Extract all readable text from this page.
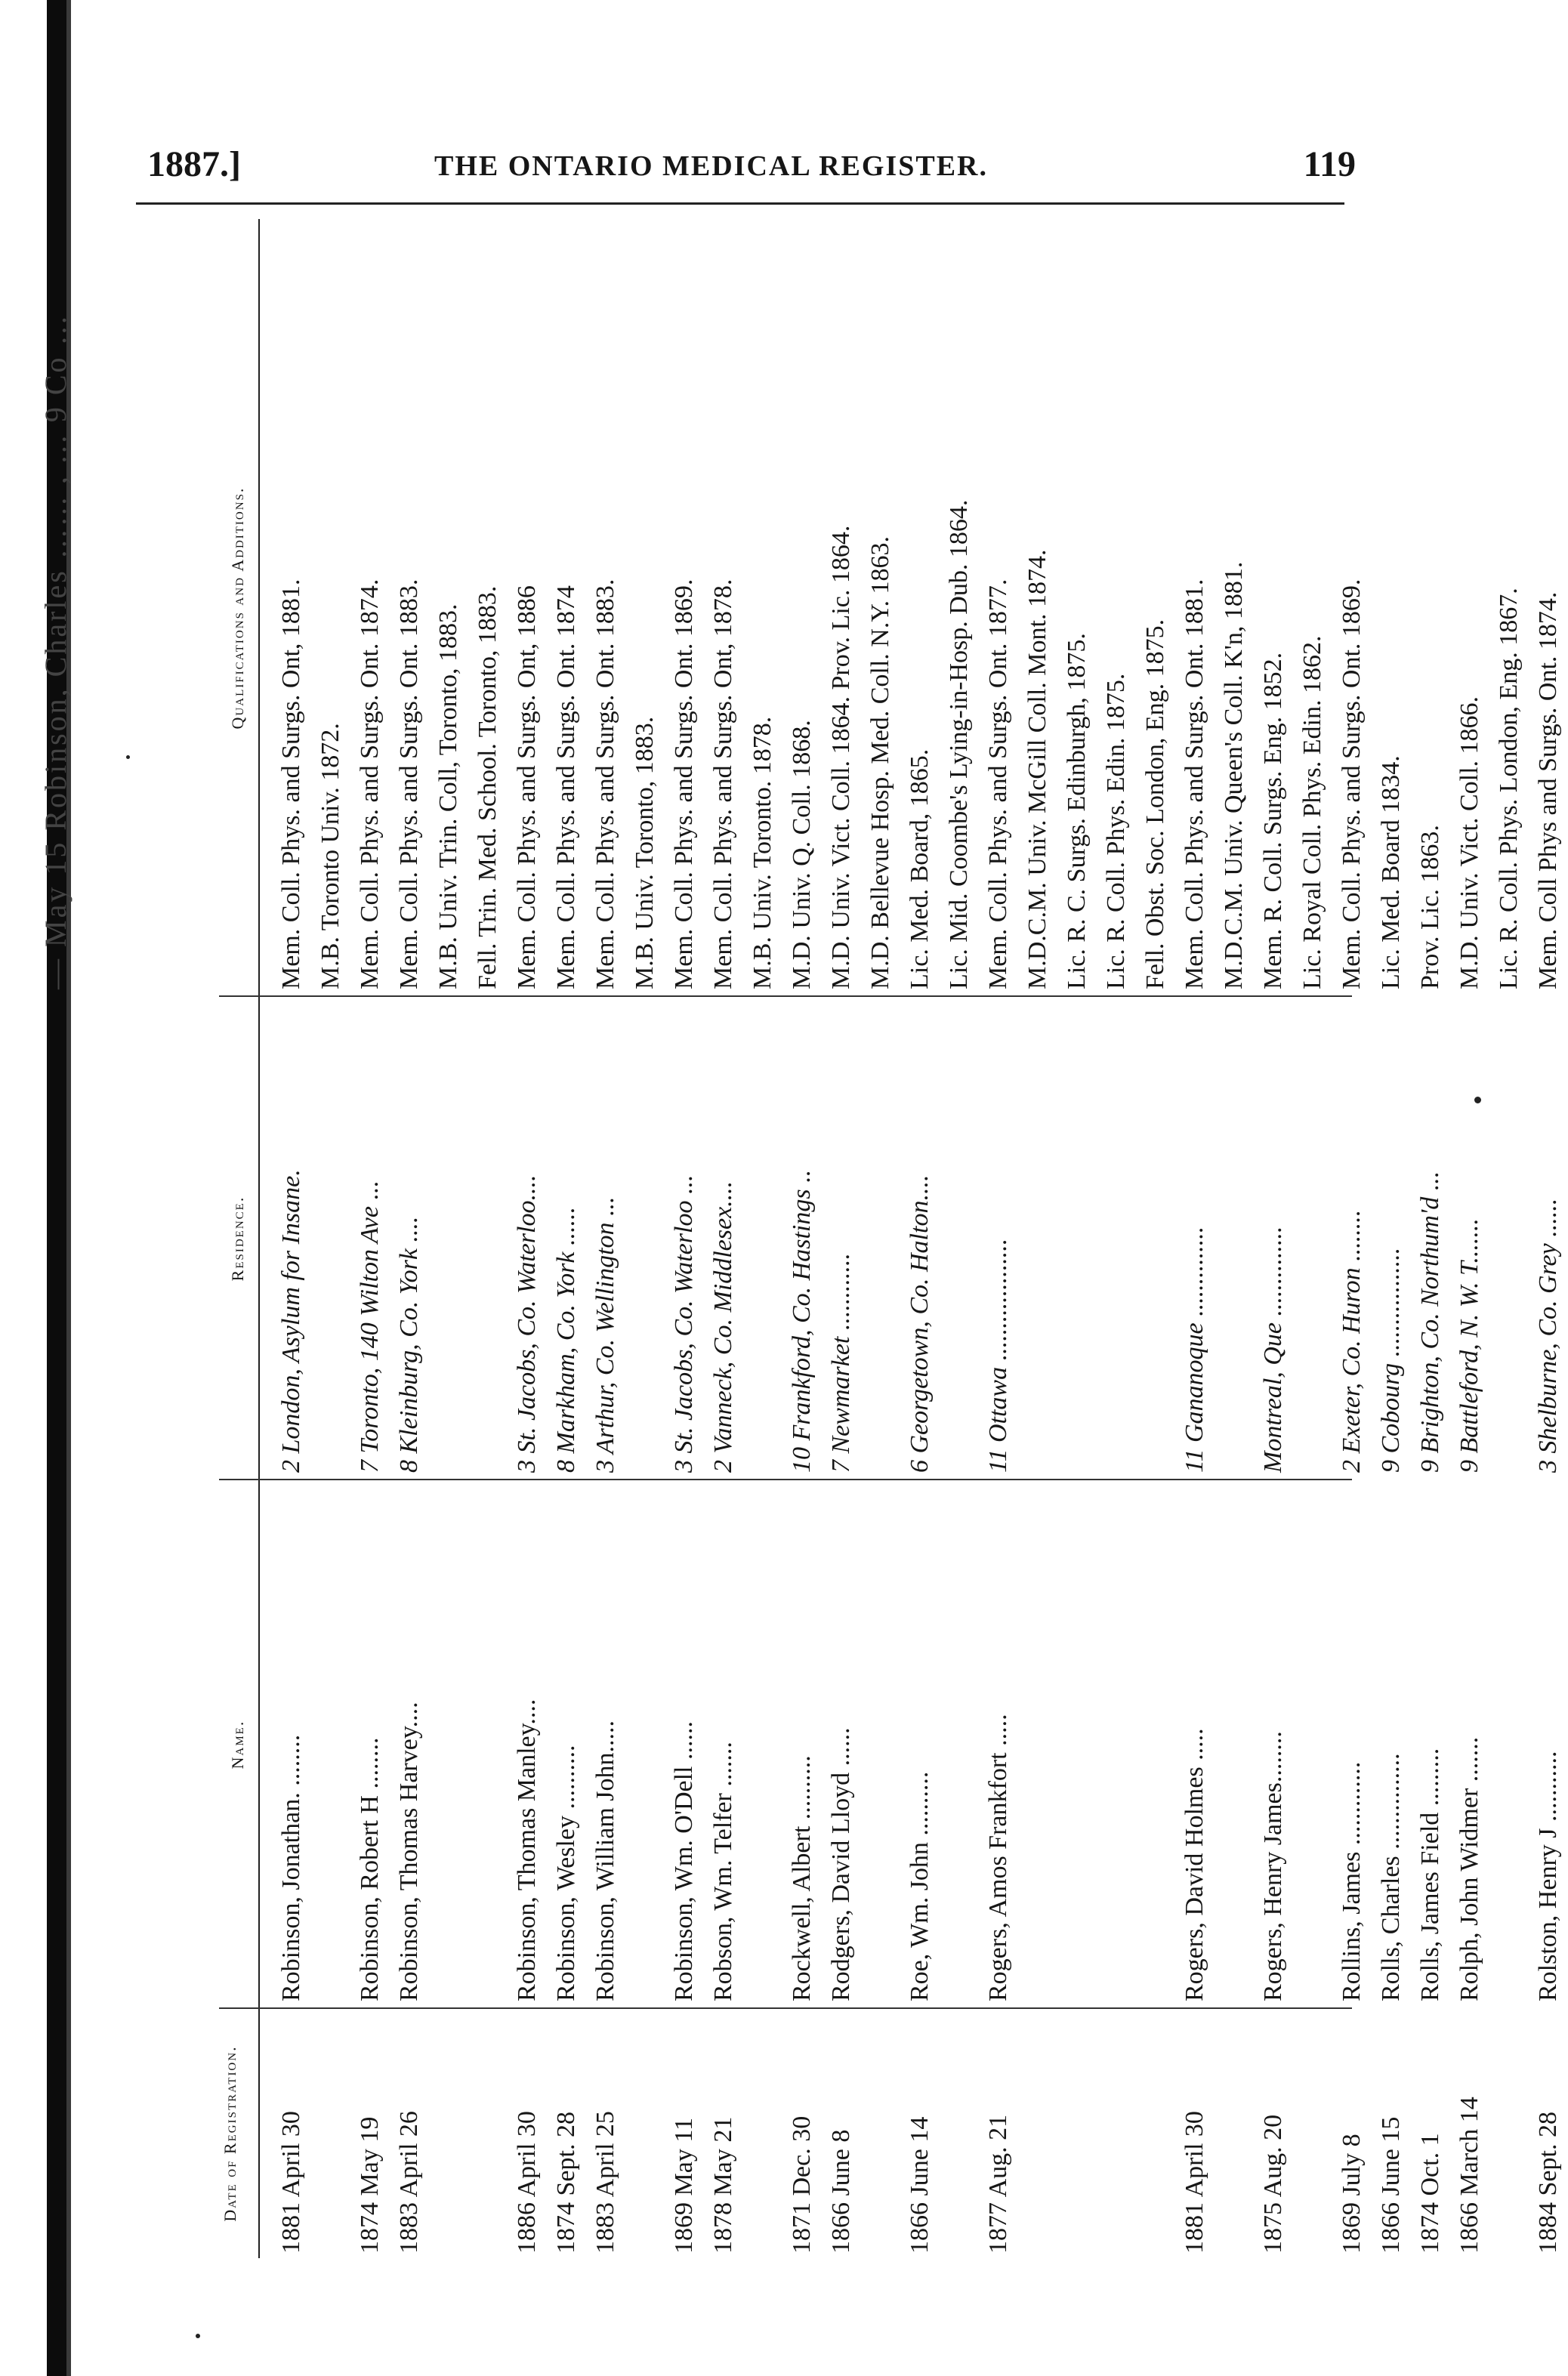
— May 15 Robinson, Charles …… , … 9 Co …
1887.]	THE ONTARIO MEDICAL REGISTER.	119
Date of Registration.
Name.
Residence.
Qualifications and Additions.
1881 April 30
Robinson, Jonathan. ........
2 London, Asylum for Insane.
Mem. Coll. Phys. and Surgs. Ont, 1881. M.B. Toronto Univ. 1872.
1874 May 19
Robinson, Robert H ........
7 Toronto, 140 Wilton Ave ...
Mem. Coll. Phys. and Surgs. Ont. 1874.
1883 April 26
Robinson, Thomas Harvey....
8 Kleinburg, Co. York ....
Mem. Coll. Phys. and Surgs. Ont. 1883. M.B. Univ. Trin. Coll, Toronto, 1883. Fell. Trin. Med. School. Toronto, 1883.
1886 April 30
Robinson, Thomas Manley....
3 St. Jacobs, Co. Waterloo....
Mem. Coll. Phys. and Surgs. Ont, 1886
1874 Sept. 28
Robinson, Wesley ..........
8 Markham, Co. York ......
Mem. Coll. Phys. and Surgs. Ont. 1874
1883 April 25
Robinson, William John.....
3 Arthur, Co. Wellington ...
Mem. Coll. Phys. and Surgs. Ont. 1883. M.B. Univ. Toronto, 1883.
1869 May 11
Robinson, Wm. O'Dell ......
3 St. Jacobs, Co. Waterloo ...
Mem. Coll. Phys. and Surgs. Ont. 1869.
1878 May 21
Robson, Wm. Telfer .......
2 Vanneck, Co. Middlesex....
Mem. Coll. Phys. and Surgs. Ont, 1878. M.B. Univ. Toronto. 1878.
1871 Dec. 30
Rockwell, Albert ..........
10 Frankford, Co. Hastings ..
M.D. Univ. Q. Coll. 1868.
1866 June 8
Rodgers, David Lloyd ......
7 Newmarket ............
M.D. Univ. Vict. Coll. 1864. Prov. Lic. 1864. M.D. Bellevue Hosp. Med. Coll. N.Y. 1863.
1866 June 14
Roe, Wm. John ..........
6 Georgetown, Co. Halton....
Lic. Med. Board, 1865. Lic. Mid. Coombe's Lying-in-Hosp. Dub. 1864.
1877 Aug. 21
Rogers, Amos Frankfort .....
11 Ottawa ...................
Mem. Coll. Phys. and Surgs. Ont. 1877. M.D.C.M. Univ. McGill Coll. Mont. 1874. Lic. R. C. Surgs. Edinburgh, 1875. Lic. R. Coll. Phys. Edin. 1875. Fell. Obst. Soc. London, Eng. 1875.
1881 April 30
Rogers, David Holmes .....
11 Gananoque ..............
Mem. Coll. Phys. and Surgs. Ont. 1881. M.D.C.M. Univ. Queen's Coll. K'n, 1881.
1875 Aug. 20
Rogers, Henry James........
Montreal, Que ..............
Mem. R. Coll. Surgs. Eng. 1852. Lic. Royal Coll. Phys. Edin. 1862.
1869 July 8
Rollins, James .............
2 Exeter, Co. Huron ........
Mem. Coll. Phys. and Surgs. Ont. 1869.
1866 June 15
Rolls, Charles ...............
9 Cobourg .................
Lic. Med. Board 1834.
1874 Oct. 1
Rolls, James Field .........
9 Brighton, Co. Northum'd ...
Prov. Lic. 1863.
1866 March 14
Rolph, John Widmer .......
9 Battleford, N. W. T.......
M.D. Univ. Vict. Coll. 1866. Lic. R. Coll. Phys. London, Eng. 1867.
1884 Sept. 28
Rolston, Henry J ...........
3 Shelburne, Co. Grey ......
Mem. Coll Phys and Surgs. Ont. 1874.
